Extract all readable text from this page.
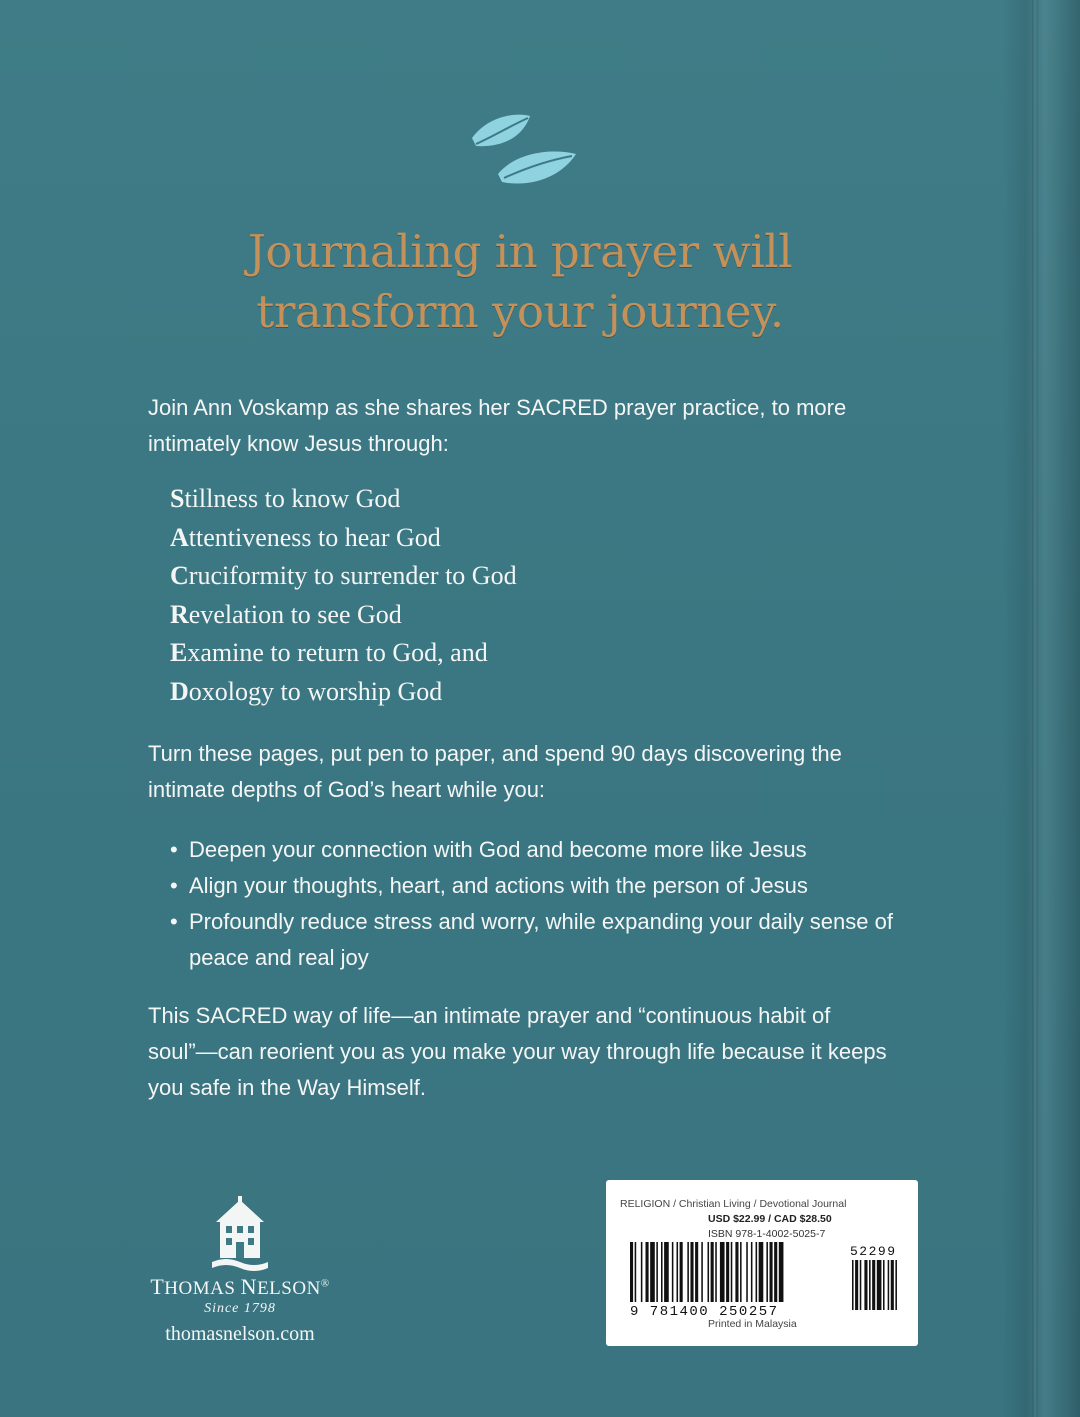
Journaling in prayer will
transform your journey.
Join Ann Voskamp as she shares her SACRED prayer practice, to more intimately know Jesus through:
Stillness to know God
Attentiveness to hear God
Cruciformity to surrender to God
Revelation to see God
Examine to return to God, and
Doxology to worship God
Turn these pages, put pen to paper, and spend 90 days discovering the intimate depths of God’s heart while you:
• Deepen your connection with God and become more like Jesus
• Align your thoughts, heart, and actions with the person of Jesus
• Profoundly reduce stress and worry, while expanding your daily sense of peace and real joy
This SACRED way of life—an intimate prayer and “continuous habit of soul”—can reorient you as you make your way through life because it keeps you safe in the Way Himself.
THOMAS NELSON®
Since 1798
thomasnelson.com
RELIGION / Christian Living / Devotional Journal
USD $22.99 / CAD $28.50
ISBN 978-1-4002-5025-7
52299
9 781400 250257
Printed in Malaysia
